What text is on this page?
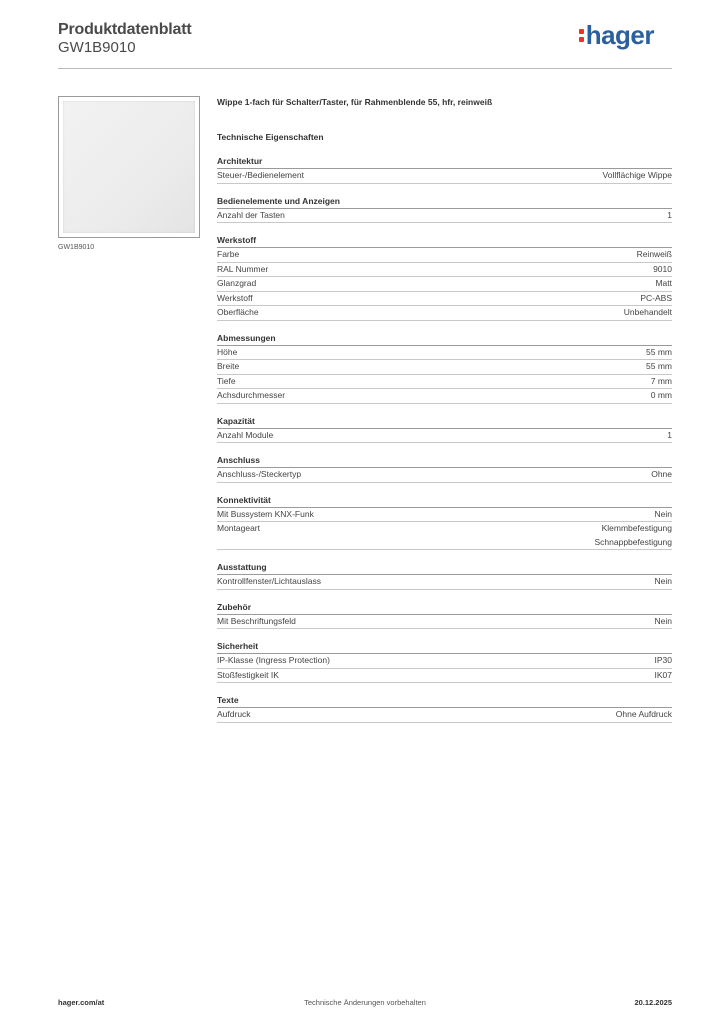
Produktdatenblatt
GW1B9010	hager
GW1B9010
Wippe 1-fach für Schalter/Taster, für Rahmenblende 55, hfr, reinweiß
Technische Eigenschaften
Architektur
Steuer-/Bedienelement	Vollflächige Wippe
Bedienelemente und Anzeigen
Anzahl der Tasten	1
Werkstoff
Farbe	Reinweiß
RAL Nummer	9010
Glanzgrad	Matt
Werkstoff	PC-ABS
Oberfläche	Unbehandelt
Abmessungen
Höhe	55 mm
Breite	55 mm
Tiefe	7 mm
Achsdurchmesser	0 mm
Kapazität
Anzahl Module	1
Anschluss
Anschluss-/Steckertyp	Ohne
Konnektivität
Mit Bussystem KNX-Funk	Nein
Montageart	Klemmbefestigung
Schnappbefestigung
Ausstattung
Kontrollfenster/Lichtauslass	Nein
Zubehör
Mit Beschriftungsfeld	Nein
Sicherheit
IP-Klasse (Ingress Protection)	IP30
Stoßfestigkeit IK	IK07
Texte
Aufdruck	Ohne Aufdruck
hager.com/at	Technische Änderungen vorbehalten	20.12.2025
